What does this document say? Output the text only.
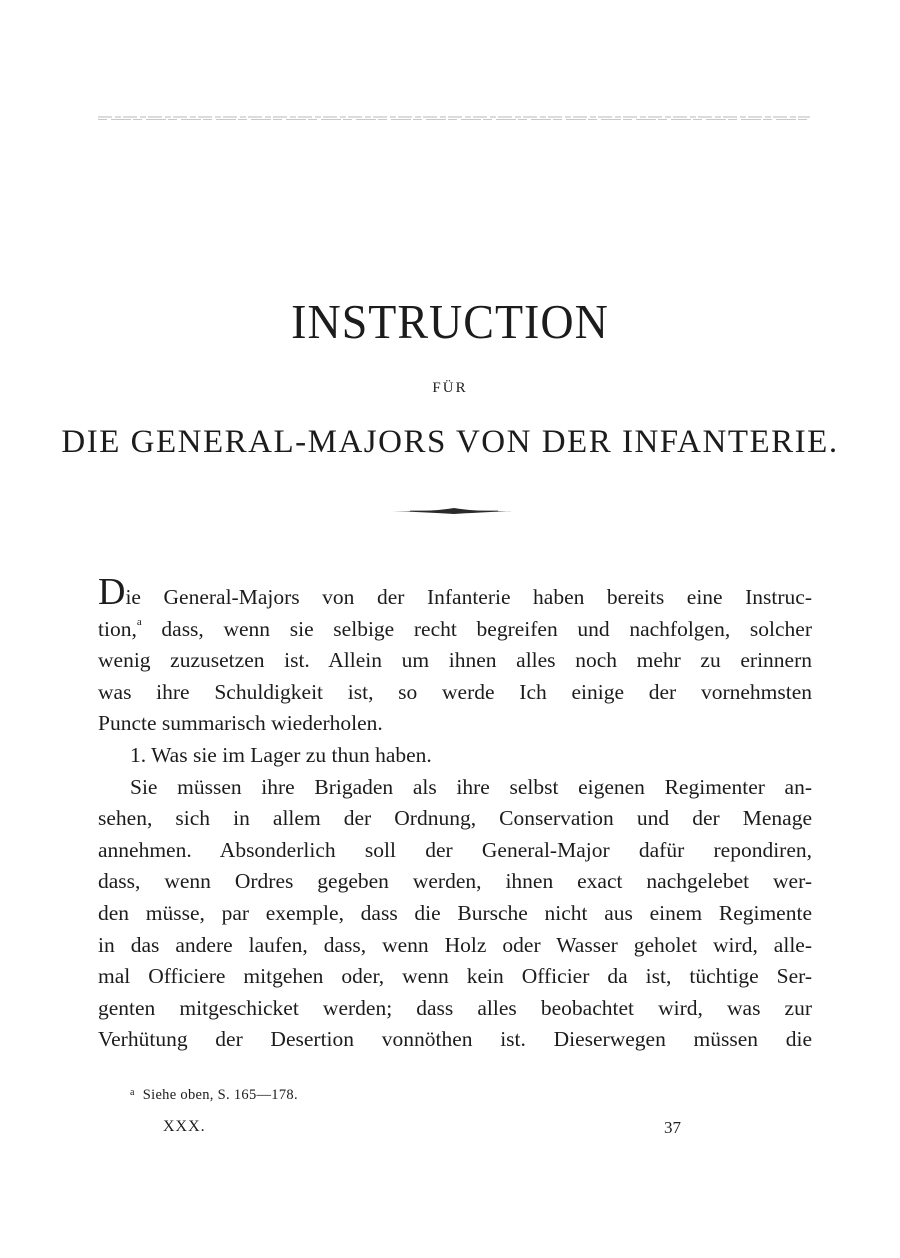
INSTRUCTION
FÜR
DIE GENERAL-MAJORS VON DER INFANTERIE.
Die General-Majors von der Infanterie haben bereits eine Instruc-
tion,$^a$ dass, wenn sie selbige recht begreifen und nachfolgen, solcher
wenig zuzusetzen ist. Allein um ihnen alles noch mehr zu erinnern
was ihre Schuldigkeit ist, so werde Ich einige der vornehmsten
Puncte summarisch wiederholen.
1. Was sie im Lager zu thun haben.
Sie müssen ihre Brigaden als ihre selbst eigenen Regimenter an-
sehen, sich in allem der Ordnung, Conservation und der Menage
annehmen. Absonderlich soll der General-Major dafür repondiren,
dass, wenn Ordres gegeben werden, ihnen exact nachgelebet wer-
den müsse, par exemple, dass die Bursche nicht aus einem Regimente
in das andere laufen, dass, wenn Holz oder Wasser geholet wird, alle-
mal Officiere mitgehen oder, wenn kein Officier da ist, tüchtige Ser-
genten mitgeschicket werden; dass alles beobachtet wird, was zur
Verhütung der Desertion vonnöthen ist. Dieserwegen müssen die
$^a$ Siehe oben, S. 165—178.
XXX.	37
